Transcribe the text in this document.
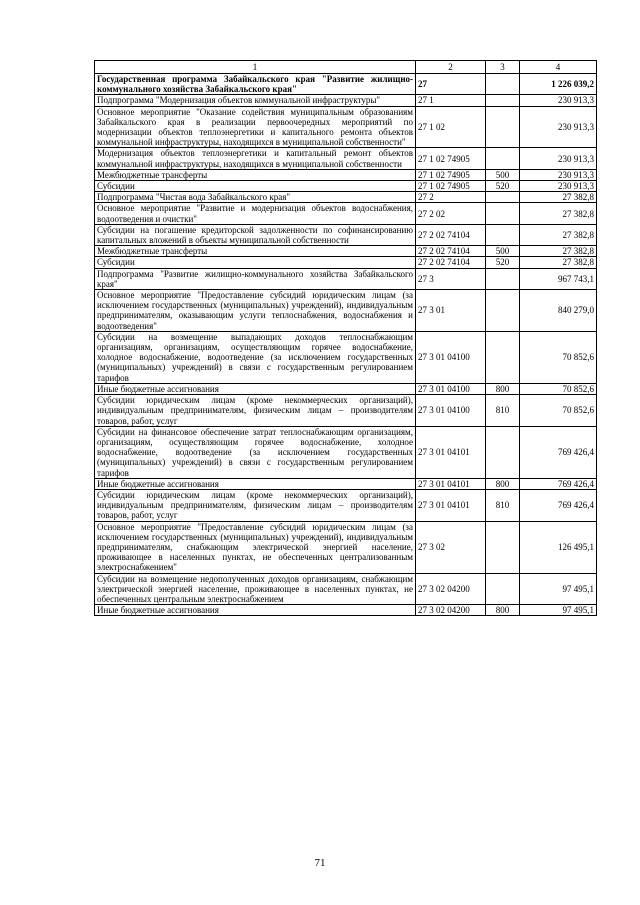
1	2	3	4
Государственная программа Забайкальского края "Развитие жилищно-коммунального хозяйства Забайкальского края"	27		1 226 039,2
Подпрограмма "Модернизация объектов коммунальной инфраструктуры"	27 1		230 913,3
Основное мероприятие "Оказание содействия муниципальным образованиям Забайкальского края в реализации первоочередных мероприятий по модернизации объектов теплоэнергетики и капитального ремонта объектов коммунальной инфраструктуры, находящихся в муниципальной собственности"	27 1 02		230 913,3
Модернизация объектов теплоэнергетики и капитальный ремонт объектов коммунальной инфраструктуры, находящихся в муниципальной собственности	27 1 02 74905		230 913,3
Межбюджетные трансферты	27 1 02 74905	500	230 913,3
Субсидии	27 1 02 74905	520	230 913,3
Подпрограмма "Чистая вода Забайкальского края"	27 2		27 382,8
Основное мероприятие "Развитие и модернизация объектов водоснабжения, водоотведения и очистки"	27 2 02		27 382,8
Субсидии на погашение кредиторской задолженности по софинансированию капитальных вложений в объекты муниципальной собственности	27 2 02 74104		27 382,8
Межбюджетные трансферты	27 2 02 74104	500	27 382,8
Субсидии	27 2 02 74104	520	27 382,8
Подпрограмма "Развитие жилищно-коммунального хозяйства Забайкальского края"	27 3		967 743,1
Основное мероприятие "Предоставление субсидий юридическим лицам (за исключением государственных (муниципальных) учреждений), индивидуальным предпринимателям, оказывающим услуги теплоснабжения, водоснабжения и водоотведения"	27 3 01		840 279,0
Субсидии на возмещение выпадающих доходов теплоснабжающим организациям, организациям, осуществляющим горячее водоснабжение, холодное водоснабжение, водоотведение (за исключением государственных (муниципальных) учреждений) в связи с государственным регулированием тарифов	27 3 01 04100		70 852,6
Иные бюджетные ассигнования	27 3 01 04100	800	70 852,6
Субсидии юридическим лицам (кроме некоммерческих организаций), индивидуальным предпринимателям, физическим лицам – производителям товаров, работ, услуг	27 3 01 04100	810	70 852,6
Субсидии на финансовое обеспечение затрат теплоснабжающим организациям, организациям, осуществляющим горячее водоснабжение, холодное водоснабжение, водоотведение (за исключением государственных (муниципальных) учреждений) в связи с государственным регулированием тарифов	27 3 01 04101		769 426,4
Иные бюджетные ассигнования	27 3 01 04101	800	769 426,4
Субсидии юридическим лицам (кроме некоммерческих организаций), индивидуальным предпринимателям, физическим лицам – производителям товаров, работ, услуг	27 3 01 04101	810	769 426,4
Основное мероприятие "Предоставление субсидий юридическим лицам (за исключением государственных (муниципальных) учреждений), индивидуальным предпринимателям, снабжающим электрической энергией население, проживающее в населенных пунктах, не обеспеченных централизованным электроснабжением"	27 3 02		126 495,1
Субсидии на возмещение недополученных доходов организациям, снабжающим электрической энергией население, проживающее в населенных пунктах, не обеспеченных центральным электроснабжением	27 3 02 04200		97 495,1
Иные бюджетные ассигнования	27 3 02 04200	800	97 495,1
71
